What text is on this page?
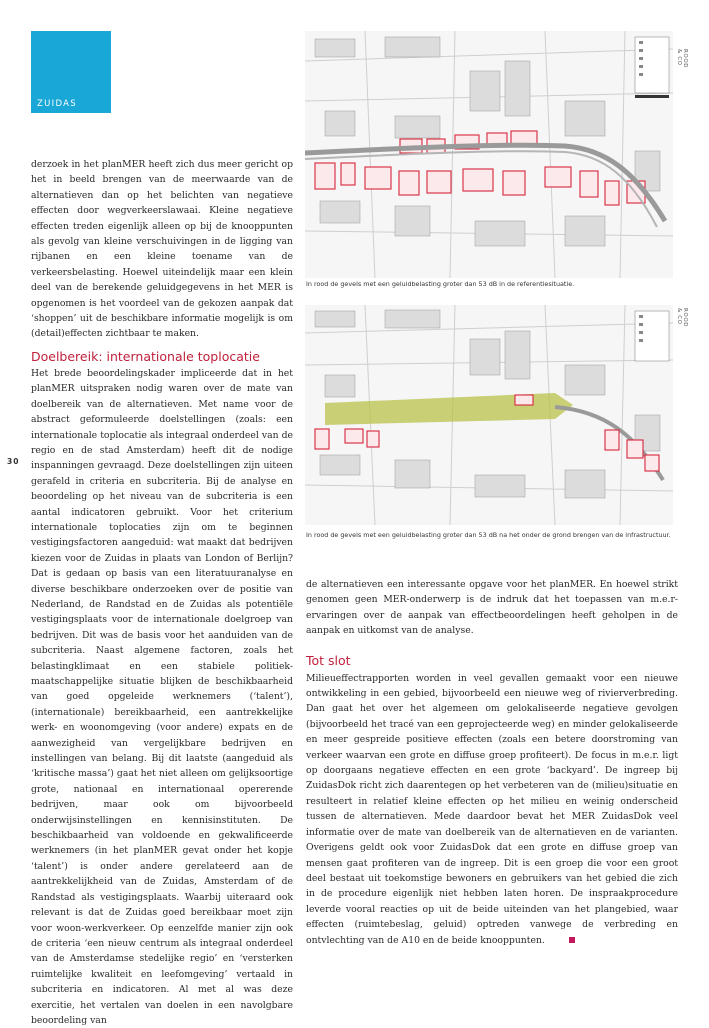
ZUIDAS
30

derzoek in het planMER heeft zich dus meer gericht op het in beeld brengen van de meerwaarde van de alternatieven dan op het belichten van negatieve effecten door wegverkeerslawaai. Kleine negatieve effecten treden eigenlijk alleen op bij de knooppunten als gevolg van kleine verschuivingen in de ligging van rijbanen en een kleine toename van de verkeersbelasting. Hoewel uiteindelijk maar een klein deel van de berekende geluidgegevens in het MER is opgenomen is het voordeel van de gekozen aanpak dat ‘shoppen’ uit de beschikbare informatie mogelijk is om (detail)effecten zichtbaar te maken.

Doelbereik: internationale toplocatie

Het brede beoordelingskader impliceerde dat in het planMER uitspraken nodig waren over de mate van doelbereik van de alternatieven. Met name voor de abstract geformuleerde doelstellingen (zoals: een internationale toplocatie als integraal onderdeel van de regio en de stad Amsterdam) heeft dit de nodige inspanningen gevraagd. Deze doelstellingen zijn uiteen gerafeld in criteria en subcriteria. Bij de analyse en beoordeling op het niveau van de subcriteria is een aantal indicatoren gebruikt. Voor het criterium internationale toplocaties zijn om te beginnen vestigingsfactoren aangeduid: wat maakt dat bedrijven kiezen voor de Zuidas in plaats van London of Berlijn? Dat is gedaan op basis van een literatuuranalyse en diverse beschikbare onderzoeken over de positie van Nederland, de Randstad en de Zuidas als potentiële vestigingsplaats voor de internationale doelgroep van bedrijven. Dit was de basis voor het aanduiden van de subcriteria. Naast algemene factoren, zoals het belastingklimaat en een stabiele politiek-maatschappelijke situatie blijken de beschikbaarheid van goed opgeleide werknemers (‘talent’), (internationale) bereikbaarheid, een aantrekkelijke werk- en woonomgeving (voor andere) expats en de aanwezigheid van vergelijkbare bedrijven en instellingen van belang. Bij dit laatste (aangeduid als ‘kritische massa’) gaat het niet alleen om gelijksoortige grote, nationaal en internationaal opererende bedrijven, maar ook om bijvoorbeeld onderwijsinstellingen en kennisinstituten. De beschikbaarheid van voldoende en gekwalificeerde werknemers (in het planMER gevat onder het kopje ‘talent’) is onder andere gerelateerd aan de aantrekkelijkheid van de Zuidas, Amsterdam of de Randstad als vestigingsplaats. Waarbij uiteraard ook relevant is dat de Zuidas goed bereikbaar moet zijn voor woon-werkverkeer. Op eenzelfde manier zijn ook de criteria ‘een nieuw centrum als integraal onderdeel van de Amsterdamse stedelijke regio’ en ‘versterken ruimtelijke kwaliteit en leefomgeving’ vertaald in subcriteria en indicatoren. Al met al was deze exercitie, het vertalen van doelen in een navolgbare beoordeling van

In rood de gevels met een geluidbelasting groter dan 53 dB in de referentiesituatie.
ROOD & CO
In rood de gevels met een geluidbelasting groter dan 53 dB na het onder de grond brengen van de infrastructuur.
ROOD & CO

de alternatieven een interessante opgave voor het planMER. En hoewel strikt genomen geen MER-onderwerp is de indruk dat het toepassen van m.e.r-ervaringen over de aanpak van effectbeoordelingen heeft geholpen in de aanpak en uitkomst van de analyse.

Tot slot

Milieueffectrapporten worden in veel gevallen gemaakt voor een nieuwe ontwikkeling in een gebied, bijvoorbeeld een nieuwe weg of rivierverbreding. Dan gaat het over het algemeen om gelokaliseerde negatieve gevolgen (bijvoorbeeld het tracé van een geprojecteerde weg) en minder gelokaliseerde en meer gespreide positieve effecten (zoals een betere doorstroming van verkeer waarvan een grote en diffuse groep profiteert). De focus in m.e.r. ligt op doorgaans negatieve effecten en een grote ‘backyard’. De ingreep bij ZuidasDok richt zich daarentegen op het verbeteren van de (milieu)situatie en resulteert in relatief kleine effecten op het milieu en weinig onderscheid tussen de alternatieven. Mede daardoor bevat het MER ZuidasDok veel informatie over de mate van doelbereik van de alternatieven en de varianten. Overigens geldt ook voor ZuidasDok dat een grote en diffuse groep van mensen gaat profiteren van de ingreep. Dit is een groep die voor een groot deel bestaat uit toekomstige bewoners en gebruikers van het gebied die zich in de procedure eigenlijk niet hebben laten horen. De inspraakprocedure leverde vooral reacties op uit de beide uiteinden van het plangebied, waar effecten (ruimtebeslag, geluid) optreden vanwege de verbreding en ontvlechting van de A10 en de beide knooppunten.
